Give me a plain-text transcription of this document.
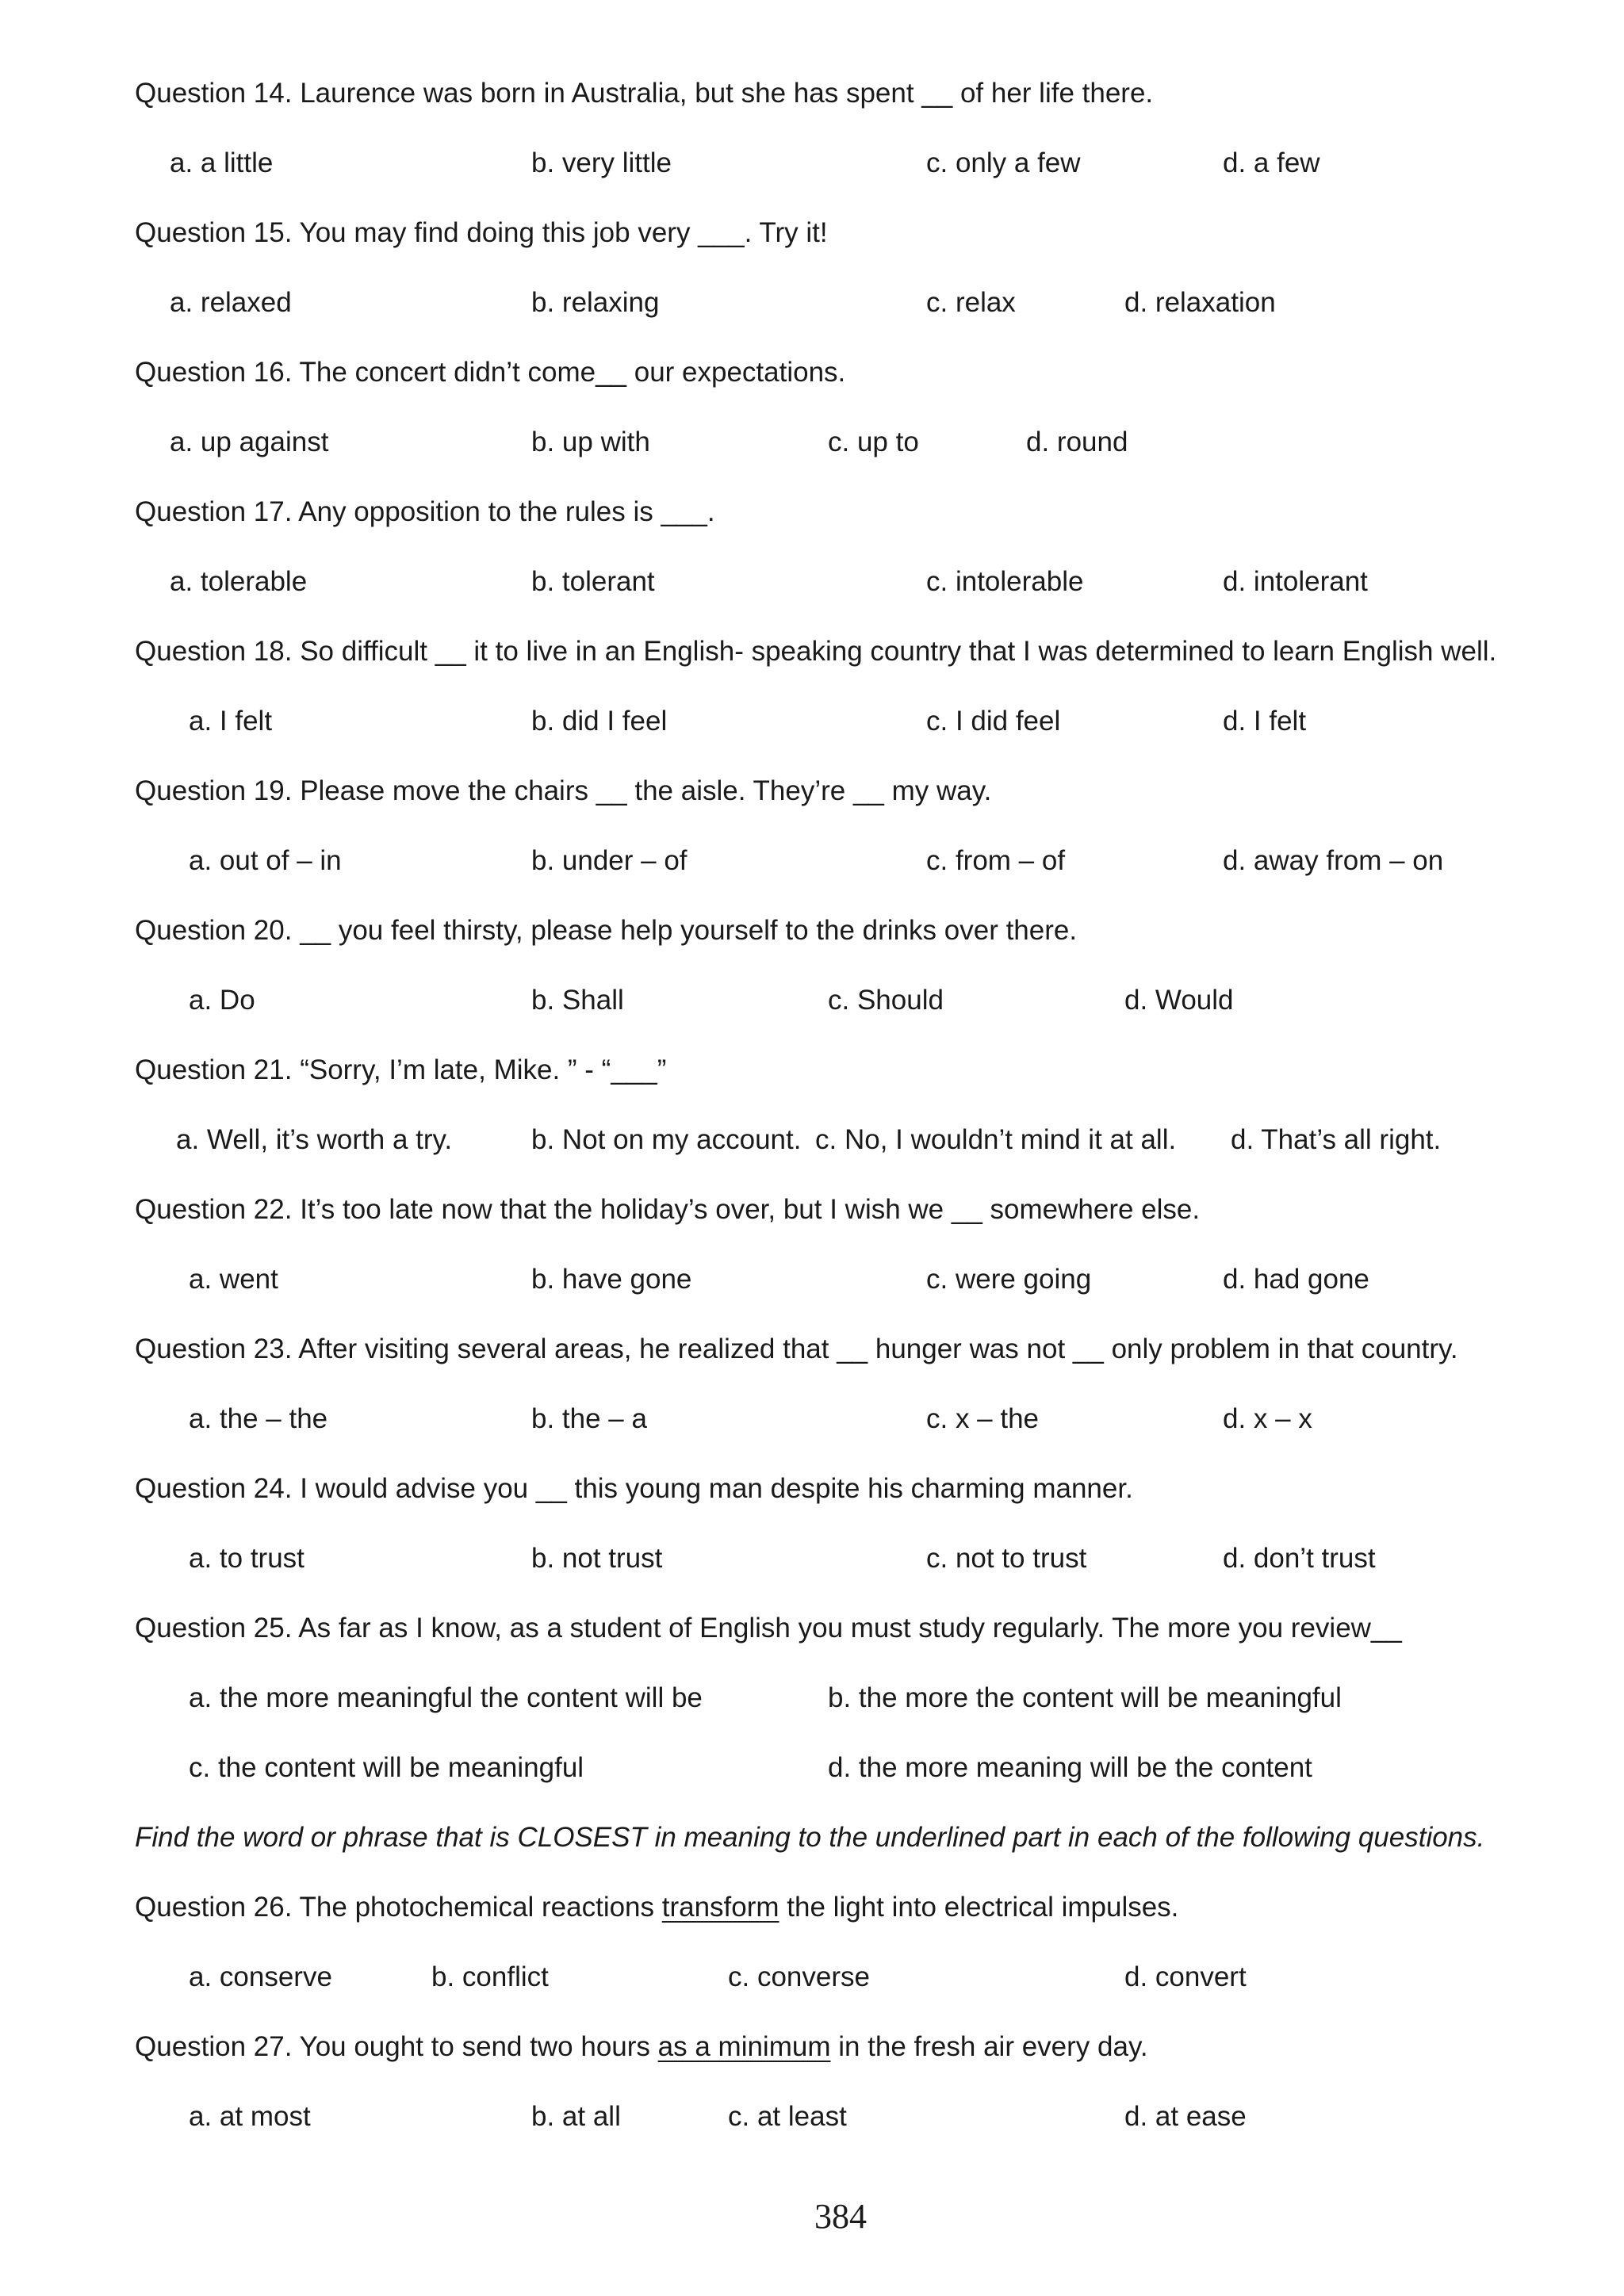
Question 14. Laurence was born in Australia, but she has spent __ of her life there.
a. a little	b. very little	c. only a few	d. a few
Question 15. You may find doing this job very ___. Try it!
a. relaxed	b. relaxing	c. relax	d. relaxation
Question 16. The concert didn’t come__ our expectations.
a. up against	b. up with	c. up to	d. round
Question 17. Any opposition to the rules is ___.
a. tolerable	b. tolerant	c. intolerable	d. intolerant
Question 18. So difficult __ it to live in an English- speaking country that I was determined to learn English well.
a. I felt	b. did I feel	c. I did feel	d. I felt
Question 19. Please move the chairs __ the aisle. They’re __ my way.
a. out of – in	b. under – of	c. from – of	d. away from – on
Question 20. __ you feel thirsty, please help yourself to the drinks over there.
a. Do	b. Shall	c. Should	d. Would
Question 21. “Sorry, I’m late, Mike. ” - “___”
a. Well, it’s worth a try.	b. Not on my account. c. No, I wouldn’t mind it at all. d. That’s all right.
Question 22. It’s too late now that the holiday’s over, but I wish we __ somewhere else.
a. went	b. have gone	c. were going	d. had gone
Question 23. After visiting several areas, he realized that __ hunger was not __ only problem in that country.
a. the – the	b. the – a	c. x – the	d. x – x
Question 24. I would advise you __ this young man despite his charming manner.
a. to trust	b. not trust	c. not to trust	d. don’t trust
Question 25. As far as I know, as a student of English you must study regularly. The more you review__
a. the more meaningful the content will be	b. the more the content will be meaningful
c. the content will be meaningful	d. the more meaning will be the content
Find the word or phrase that is CLOSEST in meaning to the underlined part in each of the following questions.
Question 26. The photochemical reactions transform the light into electrical impulses.
a. conserve	b. conflict	c. converse	d. convert
Question 27. You ought to send two hours as a minimum in the fresh air every day.
a. at most	b. at all	c. at least	d. at ease
384
